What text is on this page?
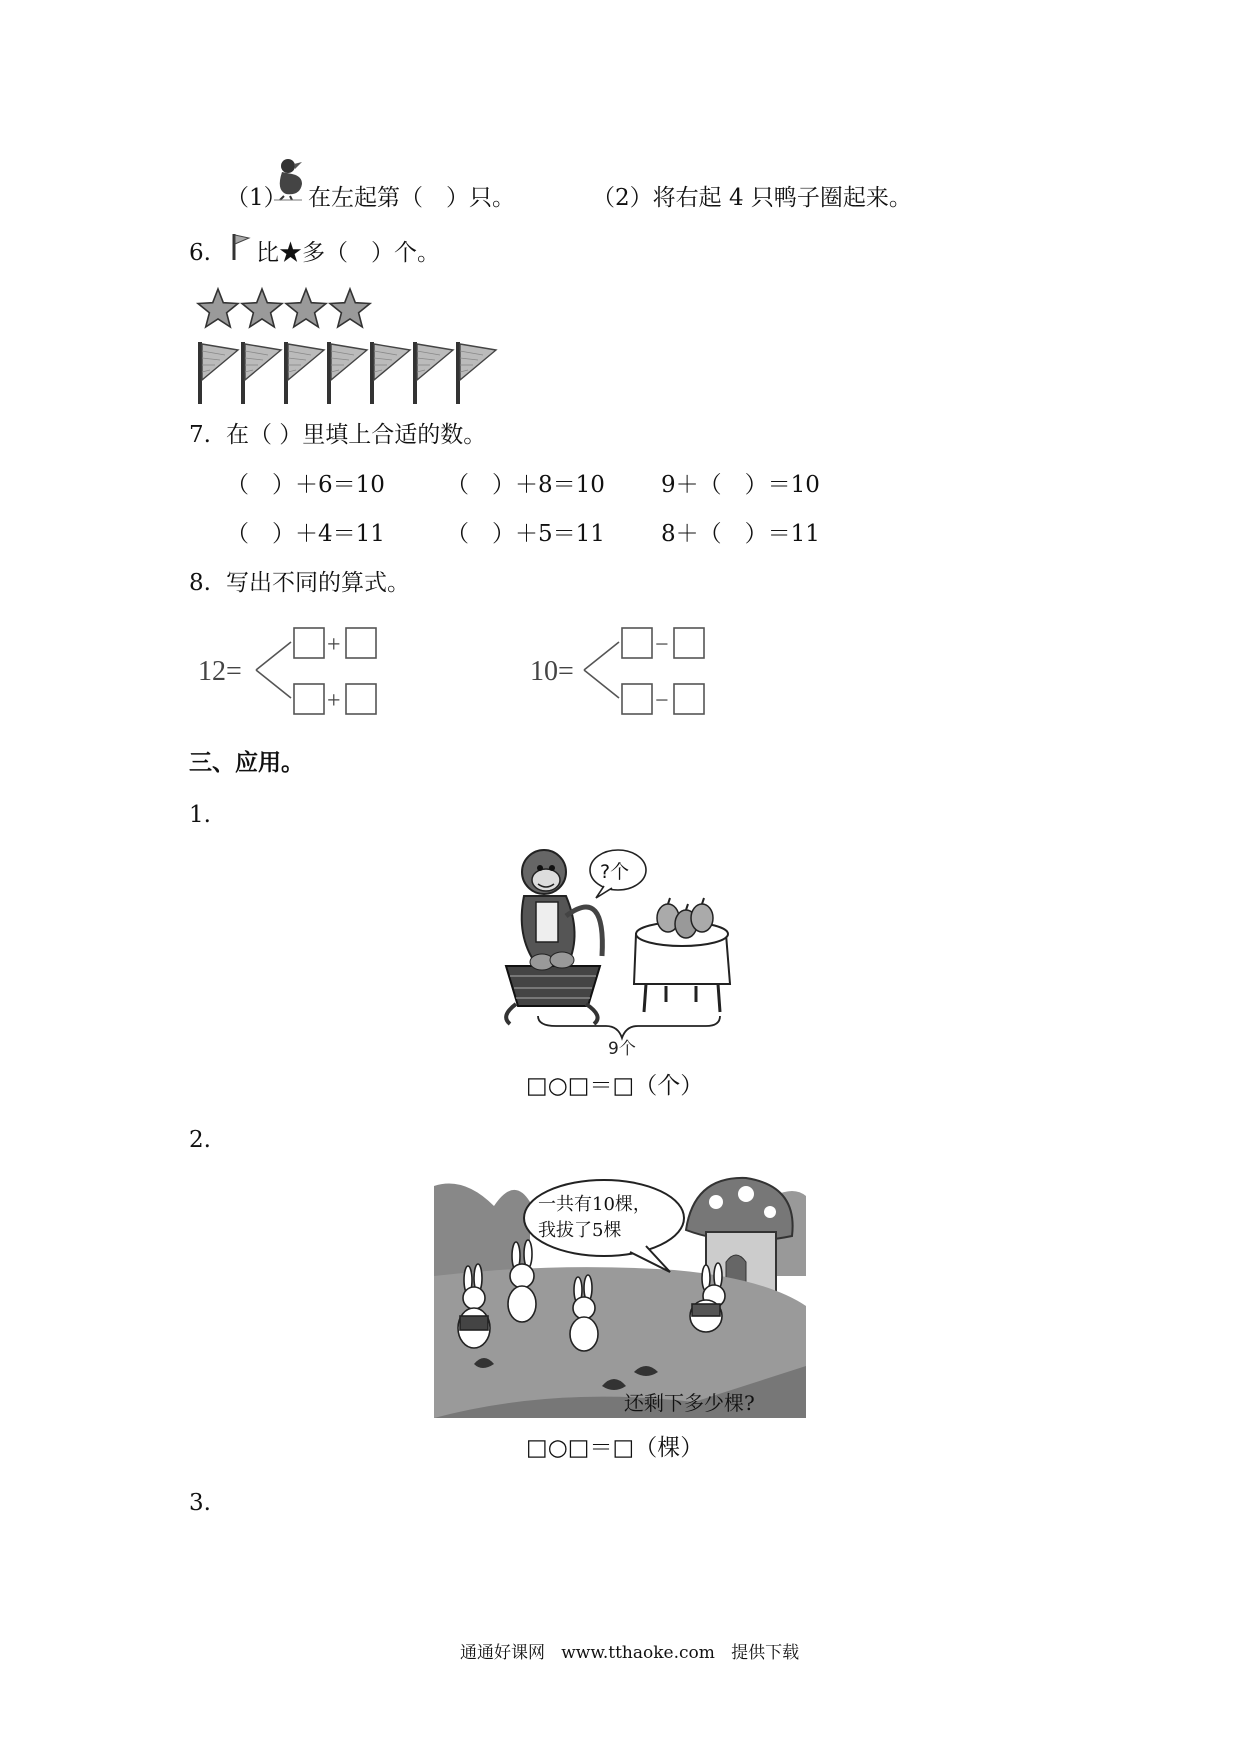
（1） 在左起第（　）只。	（2）将右起 4 只鸭子圈起来。
6. 比★多（　）个。
7. 在（ ）里填上合适的数。
（　）＋6＝10	（　）＋8＝10 9＋（　）＝10
（　）＋4＝11	（　）＋5＝11 8＋（　）＝11
8. 写出不同的算式。
12=
+
+
10=
−
−
三、应用。
1.
?个
9个
□○□＝□（个）
2.
一共有10棵，
我拔了5棵
还剩下多少棵?
□○□＝□（棵）
3.
通通好课网 www.tthaoke.com 提供下载
